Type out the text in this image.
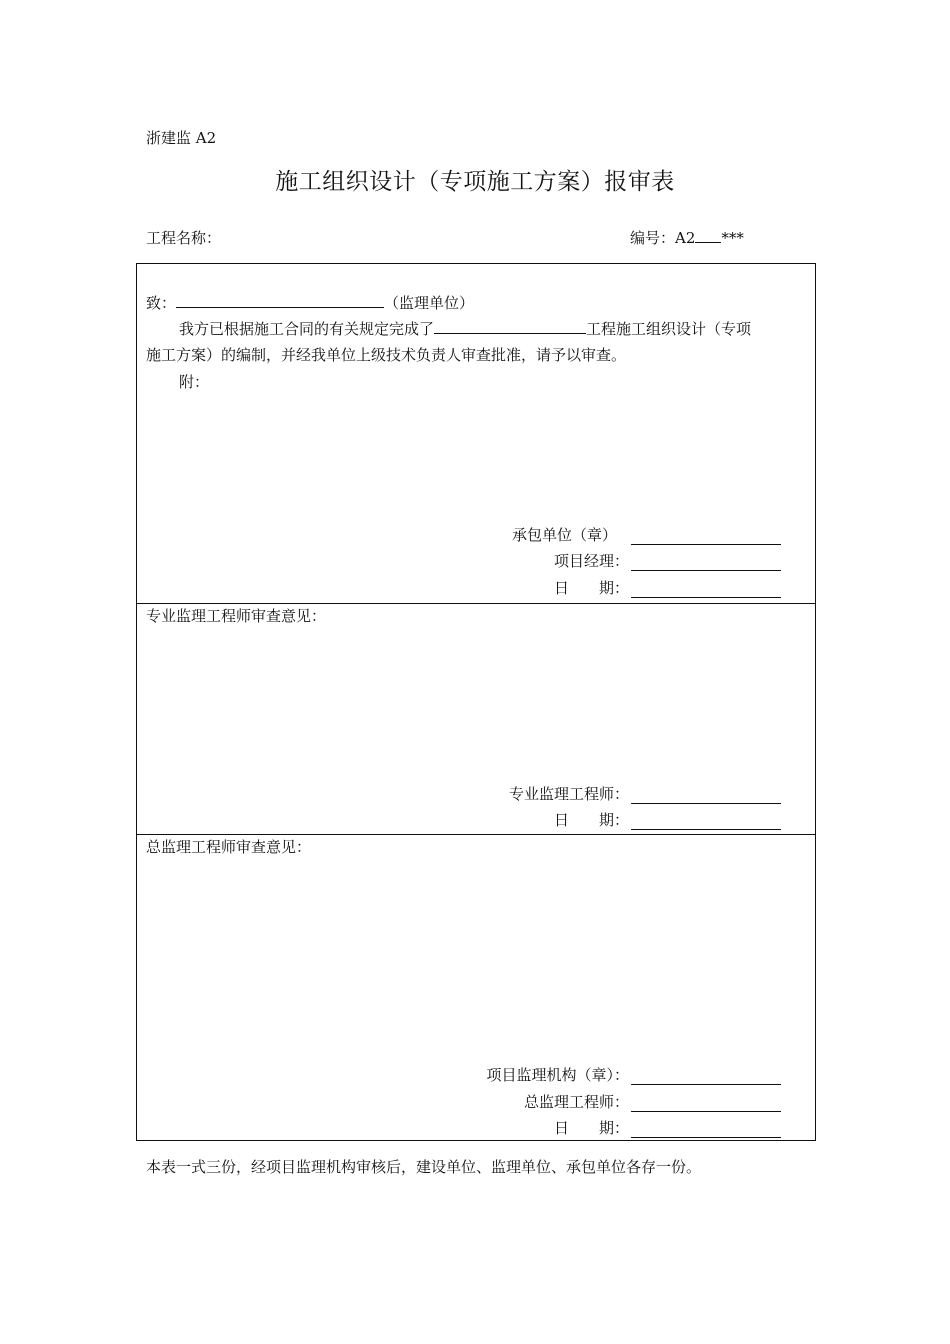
浙建监 A2
施工组织设计（专项施工方案）报审表
工程名称：	编号：A2 ***
致：	（监理单位）
我方已根据施工合同的有关规定完成了	工程施工组织设计（专项
施工方案）的编制，并经我单位上级技术负责人审查批准，请予以审查。
附：
承包单位（章）
项目经理：
日　　期：
专业监理工程师审查意见：
专业监理工程师：
日　　期：
总监理工程师审查意见：
项目监理机构（章）：
总监理工程师：
日　　期：
本表一式三份，经项目监理机构审核后，建设单位、监理单位、承包单位各存一份。
